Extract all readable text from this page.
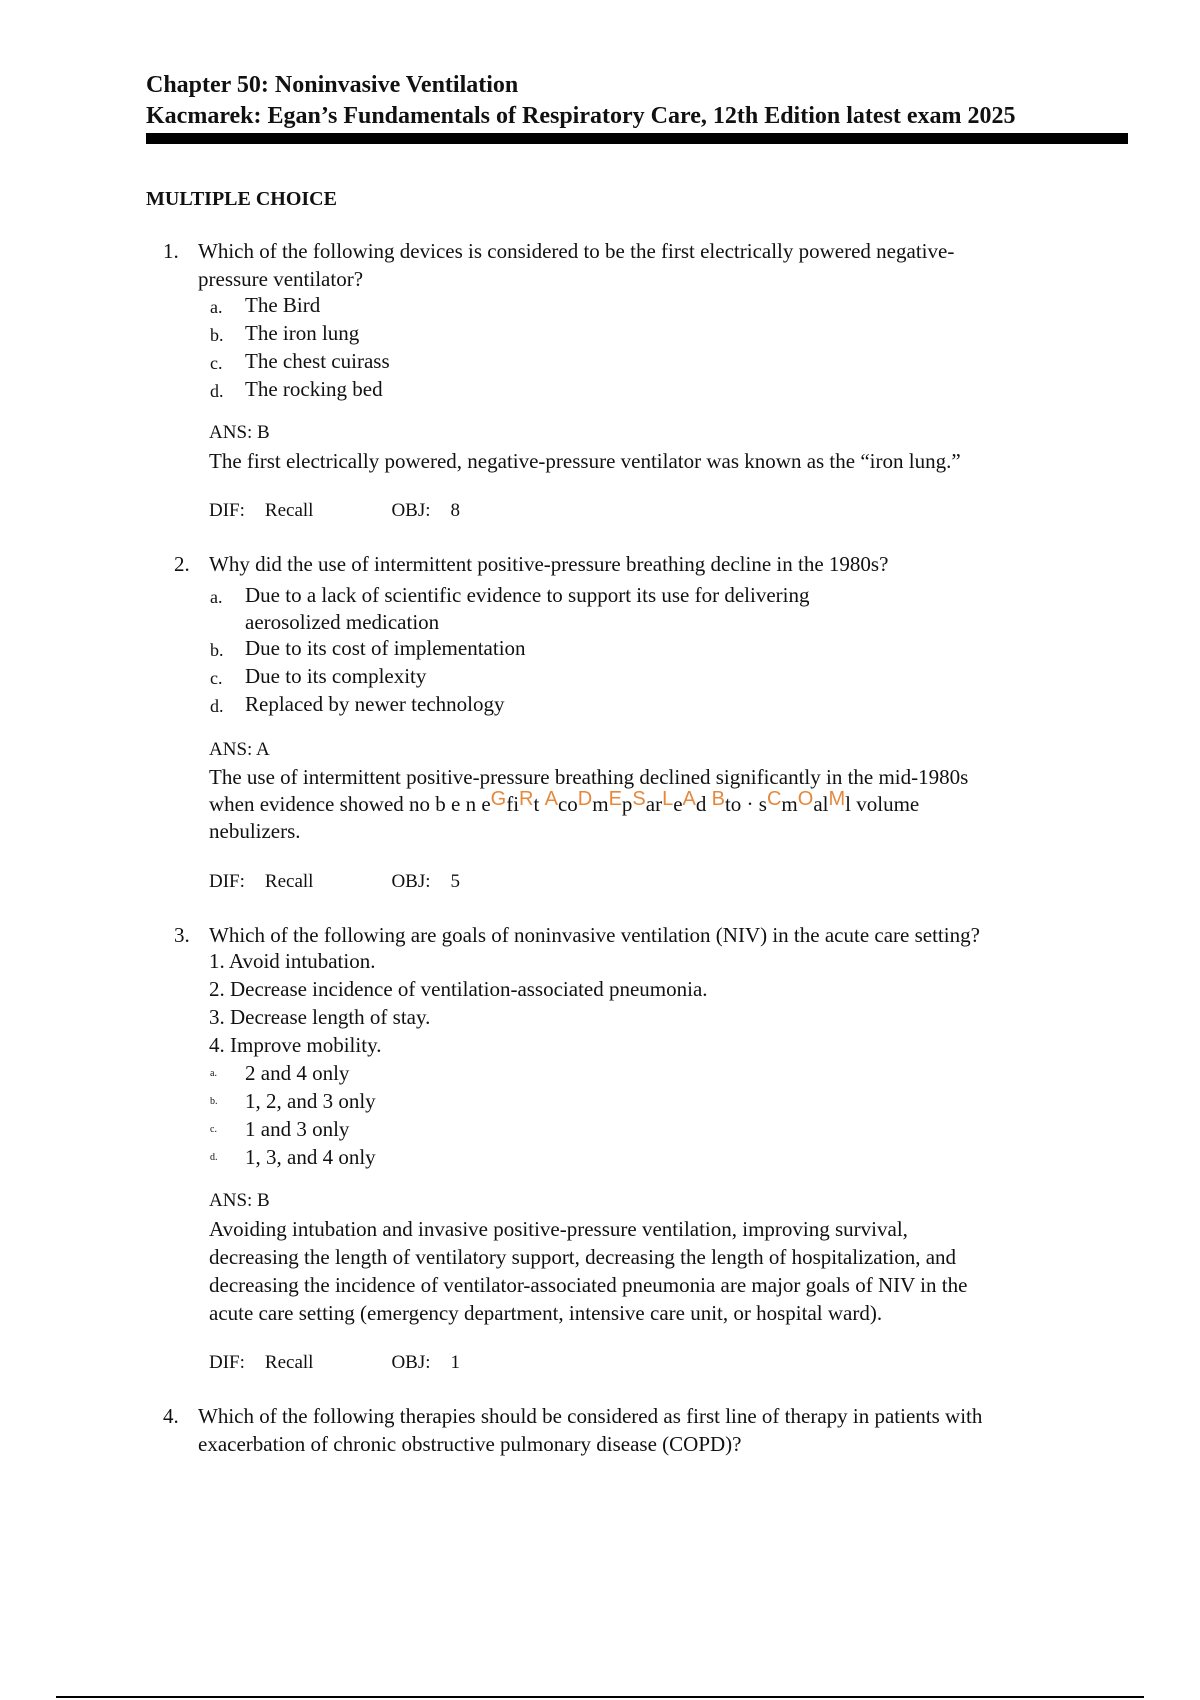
Chapter 50: Noninvasive Ventilation
Kacmarek: Egan’s Fundamentals of Respiratory Care, 12th Edition latest exam 2025
MULTIPLE CHOICE
1. Which of the following devices is considered to be the first electrically powered negative-pressure ventilator?
a. The Bird
b. The iron lung
c. The chest cuirass
d. The rocking bed
ANS: B
The first electrically powered, negative-pressure ventilator was known as the “iron lung.”
DIF: Recall	OBJ: 8
2. Why did the use of intermittent positive-pressure breathing decline in the 1980s?
a. Due to a lack of scientific evidence to support its use for delivering
aerosolized medication
b. Due to its cost of implementation
c. Due to its complexity
d. Replaced by newer technology
ANS: A
The use of intermittent positive-pressure breathing declined significantly in the mid-1980s
when evidence showed no b e n eGfiRt AcoDmEpSarLeAd Bto · sCmOalMl volume
nebulizers.
DIF: Recall	OBJ: 5
3. Which of the following are goals of noninvasive ventilation (NIV) in the acute care setting?
1. Avoid intubation.
2. Decrease incidence of ventilation-associated pneumonia.
3. Decrease length of stay.
4. Improve mobility.
a. 2 and 4 only
b. 1, 2, and 3 only
c. 1 and 3 only
d. 1, 3, and 4 only
ANS: B
Avoiding intubation and invasive positive-pressure ventilation, improving survival,
decreasing the length of ventilatory support, decreasing the length of hospitalization, and
decreasing the incidence of ventilator-associated pneumonia are major goals of NIV in the
acute care setting (emergency department, intensive care unit, or hospital ward).
DIF: Recall	OBJ: 1
4. Which of the following therapies should be considered as first line of therapy in patients with
exacerbation of chronic obstructive pulmonary disease (COPD)?
